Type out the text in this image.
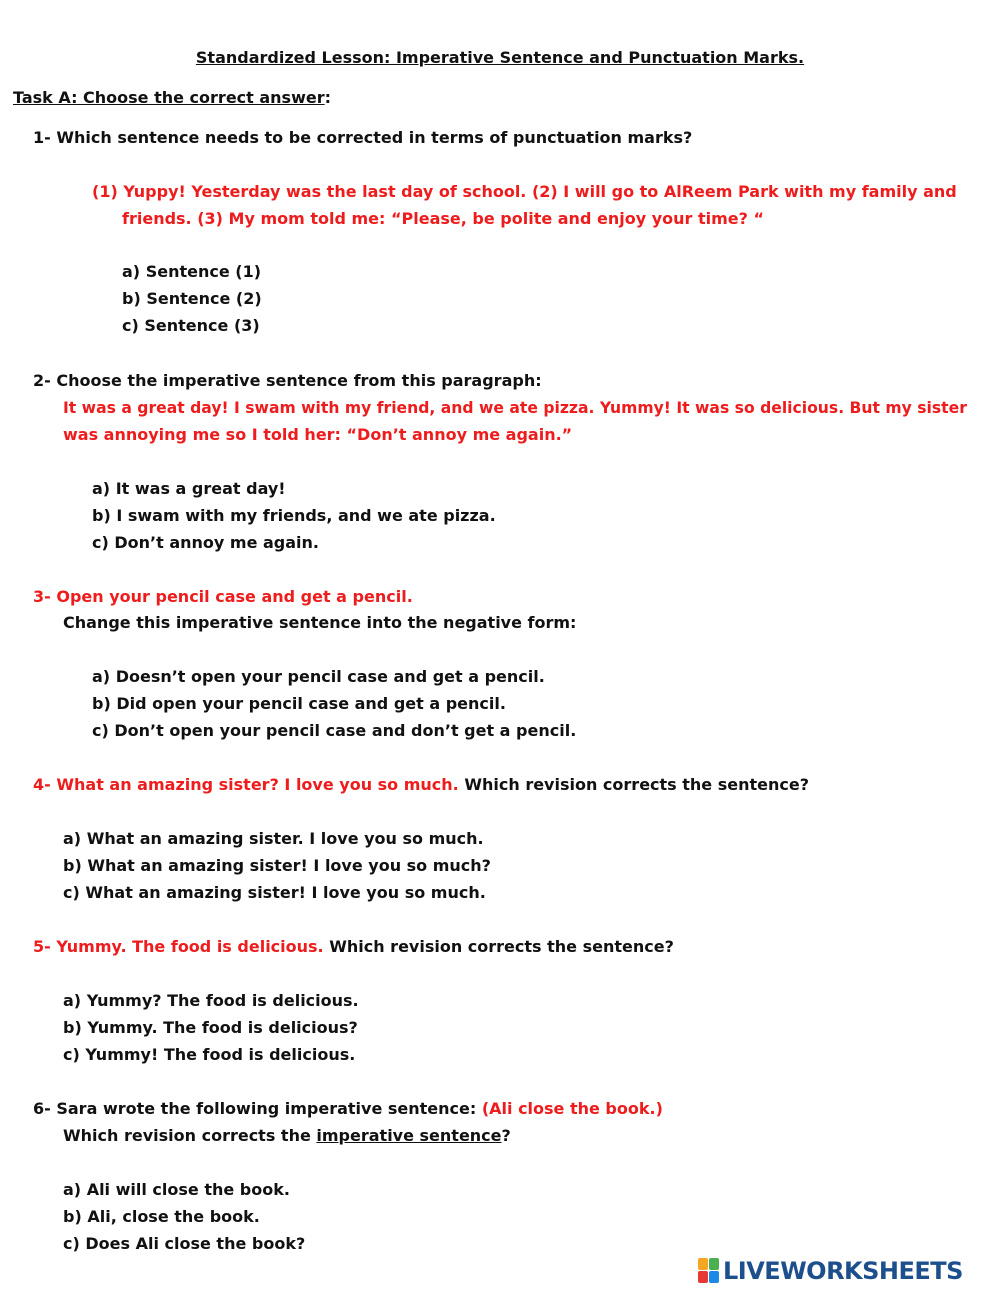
Standardized Lesson: Imperative Sentence and Punctuation Marks.
Task A: Choose the correct answer:
1- Which sentence needs to be corrected in terms of punctuation marks?
(1) Yuppy! Yesterday was the last day of school. (2) I will go to AlReem Park with my family and
friends. (3) My mom told me: “Please, be polite and enjoy your time? “
a) Sentence (1)
b) Sentence (2)
c) Sentence (3)
2- Choose the imperative sentence from this paragraph:
It was a great day! I swam with my friend, and we ate pizza. Yummy! It was so delicious. But my sister
was annoying me so I told her: “Don’t annoy me again.”
a) It was a great day!
b) I swam with my friends, and we ate pizza.
c) Don’t annoy me again.
3- Open your pencil case and get a pencil.
Change this imperative sentence into the negative form:
a) Doesn’t open your pencil case and get a pencil.
b) Did open your pencil case and get a pencil.
c) Don’t open your pencil case and don’t get a pencil.
4- What an amazing sister? I love you so much. Which revision corrects the sentence?
a) What an amazing sister. I love you so much.
b) What an amazing sister! I love you so much?
c) What an amazing sister! I love you so much.
5- Yummy. The food is delicious. Which revision corrects the sentence?
a) Yummy? The food is delicious.
b) Yummy. The food is delicious?
c) Yummy! The food is delicious.
6- Sara wrote the following imperative sentence: (Ali close the book.)
Which revision corrects the imperative sentence?
a) Ali will close the book.
b) Ali, close the book.
c) Does Ali close the book?
LIVEWORKSHEETS
